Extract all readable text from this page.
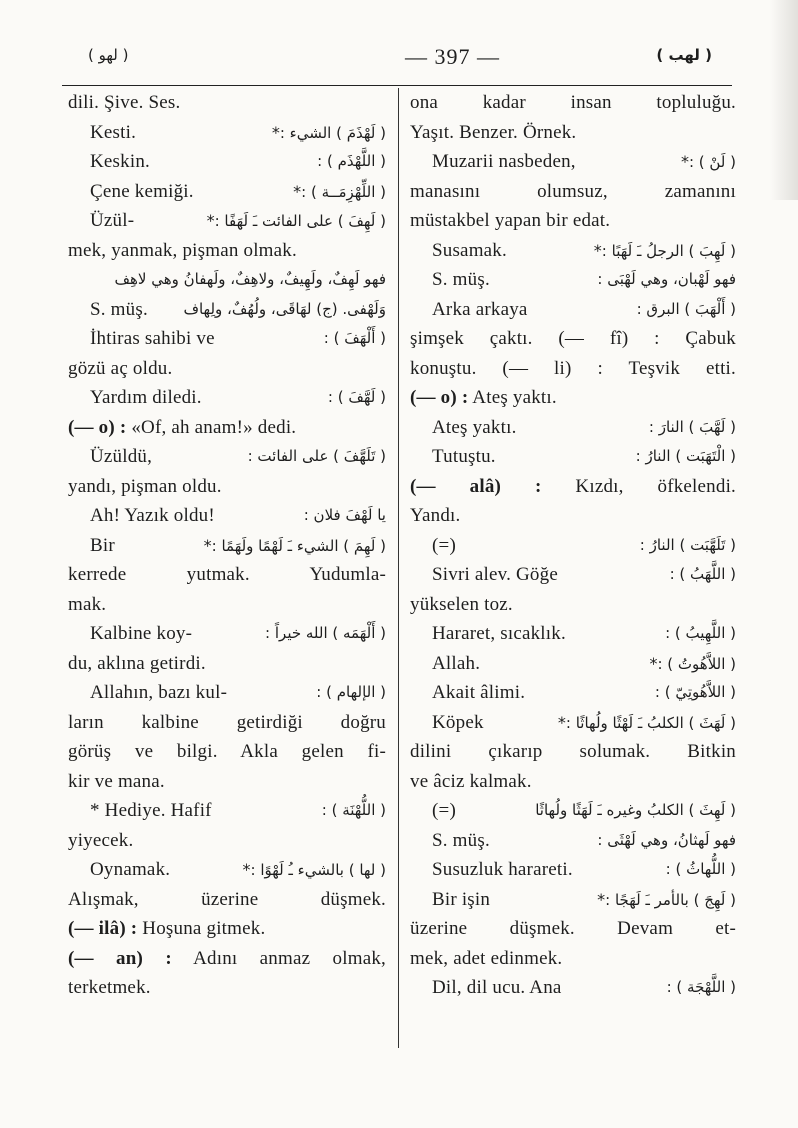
( لهو )	— 397 —	( لهب )
dili. Şive. Ses.
Kesti.	( لَهْذَمَ ) الشيء :*
Keskin.	( اللَّهْذَم ) :
Çene kemiği.	( اللِّهْزِمَــة ) :*
Üzül-	( لَهِفَ ) على الفائت ـَ لَهَفًا :*
mek, yanmak, pişman olmak.
فهو لَهِفٌ، ولَهِيفٌ، ولاهِفٌ، ولَهفانُ وهي لاهِف
S. müş. وَلَهْفى. (ج) لهَاقَى، ولُهُفٌ، ولِهاف
İhtiras sahibi ve	( أَلْهَفَ ) :
gözü aç oldu.
Yardım diledi.	( لَهَّفَ ) :
(— o) : «Of, ah anam!» dedi.
Üzüldü,	( تَلَهَّفَ ) على الفائت :
yandı, pişman oldu.
Ah! Yazık oldu!	يا لَهْفَ فلان :
Bir	( لَهِمَ ) الشيء ـَ لَهْمًا ولَهَمًا :*
kerrede yutmak. Yudumla-
mak.
Kalbine koy-	( أَلْهَمَه ) الله خيراً :
du, aklına getirdi.
Allahın, bazı kul-	( الإلهام ) :
ların kalbine getirdiği doğru
görüş ve bilgi. Akla gelen fi-
kir ve mana.
* Hediye. Hafif	( اللُّهْنَة ) :
yiyecek.
Oynamak.	( لها ) بالشيء ـُ لَهْوًا :*
Alışmak, üzerine düşmek.
(— ilâ) : Hoşuna gitmek.
(— an) : Adını anmaz olmak,
terketmek.
ona kadar insan topluluğu.
Yaşıt. Benzer. Örnek.
Muzarii nasbeden,	( لَنْ ) :*
manasını olumsuz, zamanını
müstakbel yapan bir edat.
Susamak.	( لَهِبَ ) الرجلُ ـَ لَهَبًا :*
S. müş.	فهو لَهْبان، وهي لَهْبَى :
Arka arkaya	( أَلْهَبَ ) البرق :
şimşek çaktı. (— fî) : Çabuk
konuştu. (— li) : Teşvik etti.
(— o) : Ateş yaktı.
Ateş yaktı.	( لَهَّبَ ) النارَ :
Tutuştu.	( الْتَهَبَت ) النارُ :
(— alâ) : Kızdı, öfkelendi.
Yandı.
(=)	( تَلَهَّبَت ) النارُ :
Sivri alev. Göğe	( اللَّهَبُ ) :
yükselen toz.
Hararet, sıcaklık.	( اللَّهِيبُ ) :
Allah.	( اللاَّهُوتُ ) :*
Akait âlimi.	( اللاَّهُوتِيّ ) :
Köpek	( لَهَثَ ) الكلبُ ـَ لَهْثًا ولُهاثًا :*
dilini çıkarıp solumak. Bitkin
ve âciz kalmak.
(=)	( لَهِثَ ) الكلبُ وغيره ـَ لَهَثًا ولُهاثًا
S. müş.	فهو لَهثانُ، وهي لَهْثَى :
Susuzluk harareti.	( اللُّهاثُ ) :
Bir işin	( لَهِجَ ) بالأمر ـَ لَهَجًا :*
üzerine düşmek. Devam et-
mek, adet edinmek.
Dil, dil ucu. Ana	( اللَّهْجَة ) :
